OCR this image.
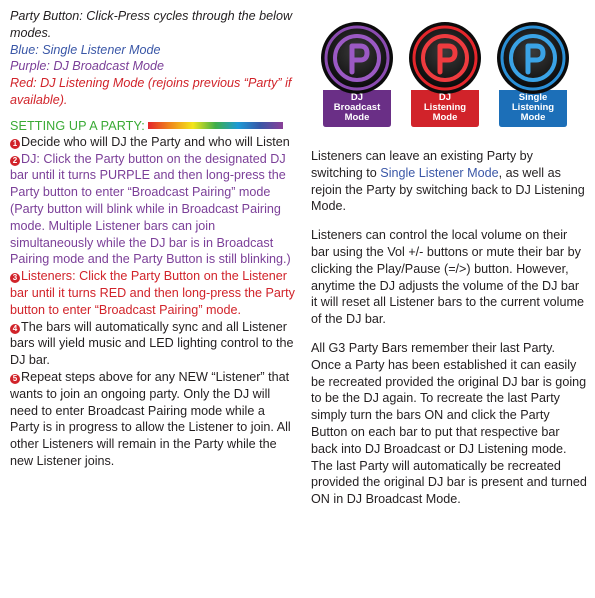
Party Button: Click-Press cycles through the below modes.
Blue: Single Listener Mode
Purple: DJ Broadcast Mode
Red: DJ Listening Mode (rejoins previous “Party” if available).
SETTING UP A PARTY:
1 Decide who will DJ the Party and who will Listen
2 DJ: Click the Party button on the designated DJ bar until it turns PURPLE and then long-press the Party button to enter “Broadcast Pairing” mode (Party button will blink while in Broadcast Pairing mode. Multiple Listener bars can join simultaneously while the DJ bar is in Broadcast Pairing mode and the Party Button is still blinking.)
3 Listeners: Click the Party Button on the Listener bar until it turns RED and then long-press the Party button to enter “Broadcast Pairing” mode.
4 The bars will automatically sync and all Listener bars will yield music and LED lighting control to the DJ bar.
5 Repeat steps above for any NEW “Listener” that wants to join an ongoing party. Only the DJ will need to enter Broadcast Pairing mode while a Party is in progress to allow the Listener to join. All other Listeners will remain in the Party while the new Listener joins.
DJ
Broadcast
Mode
DJ
Listening
Mode
Single
Listening
Mode

Listeners can leave an existing Party by switching to Single Listener Mode, as well as rejoin the Party by switching back to DJ Listening Mode.

Listeners can control the local volume on their bar using the Vol +/- buttons or mute their bar by clicking the Play/Pause (=/>) button. However, anytime the DJ adjusts the volume of the DJ bar it will reset all Listener bars to the current volume of the DJ bar.

All G3 Party Bars remember their last Party. Once a Party has been established it can easily be recreated provided the original DJ bar is going to be the DJ again. To recreate the last Party simply turn the bars ON and click the Party Button on each bar to put that respective bar back into DJ Broadcast or DJ Listening mode. The last Party will automatically be recreated provided the original DJ bar is present and turned ON in DJ Broadcast Mode.
